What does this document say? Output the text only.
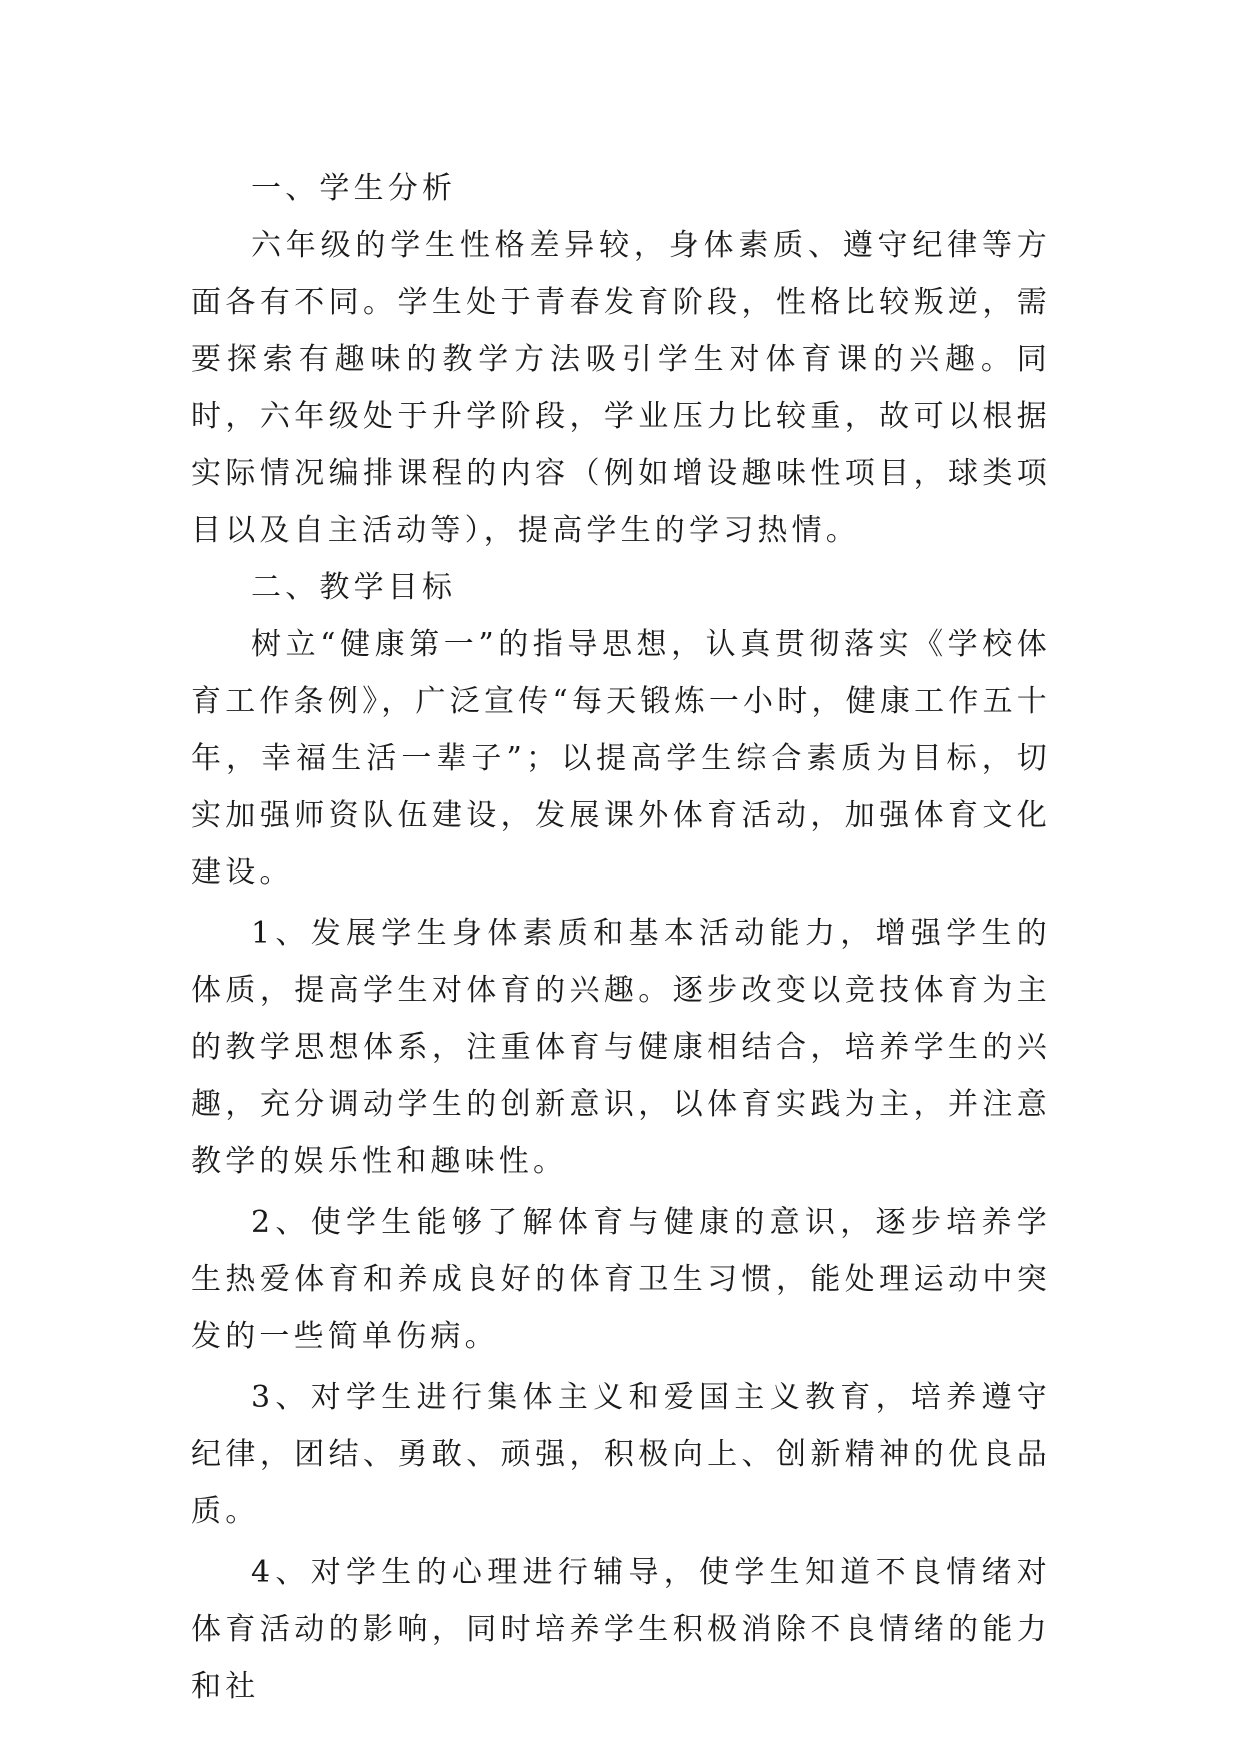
一、学生分析

六年级的学生性格差异较，身体素质、遵守纪律等方面各有不同。学生处于青春发育阶段，性格比较叛逆，需要探索有趣味的教学方法吸引学生对体育课的兴趣。同时，六年级处于升学阶段，学业压力比较重，故可以根据实际情况编排课程的内容（例如增设趣味性项目，球类项目以及自主活动等），提高学生的学习热情。

二、教学目标

树立“健康第一”的指导思想，认真贯彻落实《学校体育工作条例》，广泛宣传“每天锻炼一小时，健康工作五十年，幸福生活一辈子”；以提高学生综合素质为目标，切实加强师资队伍建设，发展课外体育活动，加强体育文化建设。

1、发展学生身体素质和基本活动能力，增强学生的体质，提高学生对体育的兴趣。逐步改变以竞技体育为主的教学思想体系，注重体育与健康相结合，培养学生的兴趣，充分调动学生的创新意识，以体育实践为主，并注意教学的娱乐性和趣味性。

2、使学生能够了解体育与健康的意识，逐步培养学生热爱体育和养成良好的体育卫生习惯，能处理运动中突发的一些简单伤病。

3、对学生进行集体主义和爱国主义教育，培养遵守纪律，团结、勇敢、顽强，积极向上、创新精神的优良品质。

4、对学生的心理进行辅导，使学生知道不良情绪对体育活动的影响，同时培养学生积极消除不良情绪的能力和社
